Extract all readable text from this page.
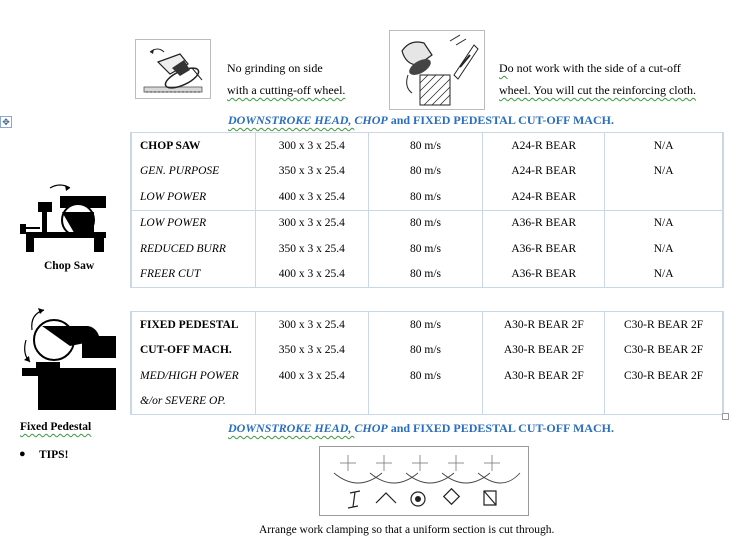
No grinding on side
with a cutting-off wheel.
Do not work with the side of a cut-off
wheel. You will cut the reinforcing cloth.
✥	DOWNSTROKE HEAD, CHOP and FIXED PEDESTAL CUT-OFF MACH.
Chop Saw
CHOP SAW	300 x 3 x 25.4	80 m/s	A24-R BEAR	N/A
GEN. PURPOSE	350 x 3 x 25.4	80 m/s	A24-R BEAR	N/A
LOW POWER	400 x 3 x 25.4	80 m/s	A24-R BEAR	
LOW POWER	300 x 3 x 25.4	80 m/s	A36-R BEAR	N/A
REDUCED BURR	350 x 3 x 25.4	80 m/s	A36-R BEAR	N/A
FREER CUT	400 x 3 x 25.4	80 m/s	A36-R BEAR	N/A
FIXED PEDESTAL	300 x 3 x 25.4	80 m/s	A30-R BEAR 2F	C30-R BEAR 2F
CUT-OFF MACH.	350 x 3 x 25.4	80 m/s	A30-R BEAR 2F	C30-R BEAR 2F
MED/HIGH POWER	400 x 3 x 25.4	80 m/s	A30-R BEAR 2F	C30-R BEAR 2F
&/or SEVERE OP.				
Fixed Pedestal	DOWNSTROKE HEAD, CHOP and FIXED PEDESTAL CUT-OFF MACH.
● TIPS!
Arrange work clamping so that a uniform section is cut through.
